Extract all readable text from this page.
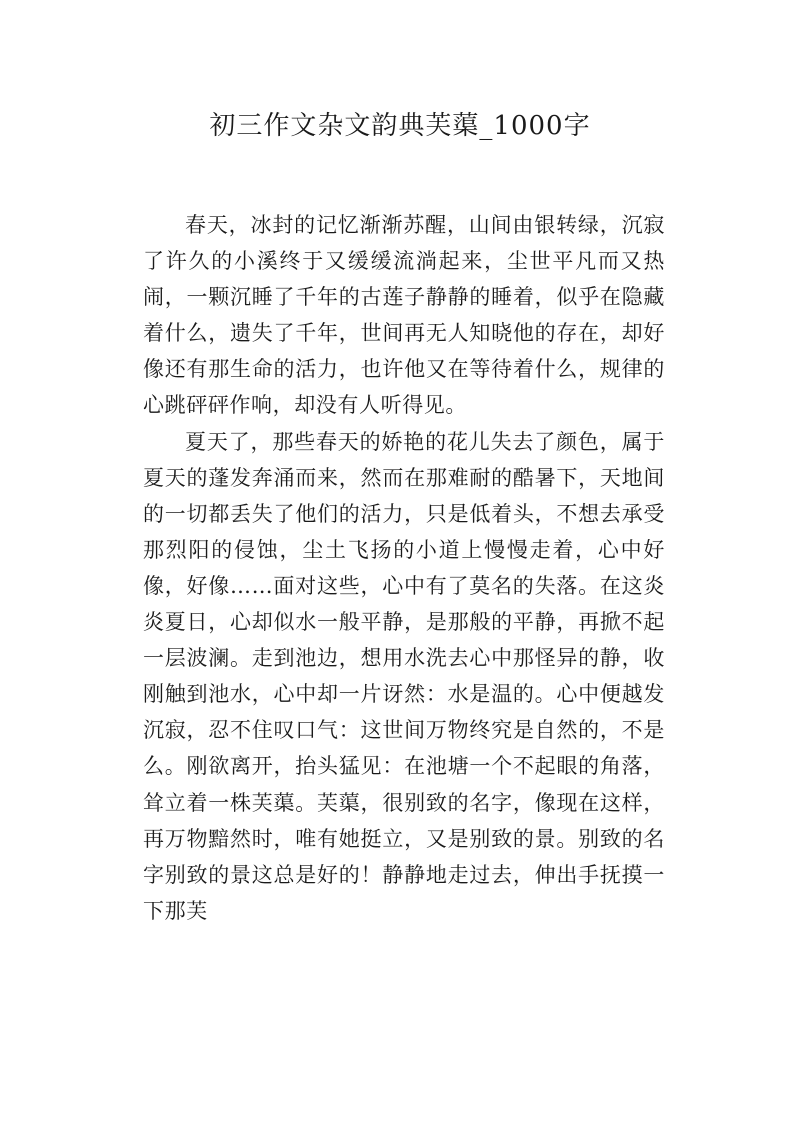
初三作文杂文韵典芙蕖_1000字

春天，冰封的记忆渐渐苏醒，山间由银转绿，沉寂了许久的小溪终于又缓缓流淌起来，尘世平凡而又热闹，一颗沉睡了千年的古莲子静静的睡着，似乎在隐藏着什么，遗失了千年，世间再无人知晓他的存在，却好像还有那生命的活力，也许他又在等待着什么，规律的心跳砰砰作响，却没有人听得见。

夏天了，那些春天的娇艳的花儿失去了颜色，属于夏天的蓬发奔涌而来，然而在那难耐的酷暑下，天地间的一切都丢失了他们的活力，只是低着头，不想去承受那烈阳的侵蚀，尘土飞扬的小道上慢慢走着，心中好像，好像……面对这些，心中有了莫名的失落。在这炎炎夏日，心却似水一般平静，是那般的平静，再掀不起一层波澜。走到池边，想用水洗去心中那怪异的静，收刚触到池水，心中却一片讶然：水是温的。心中便越发沉寂，忍不住叹口气：这世间万物终究是自然的，不是么。刚欲离开，抬头猛见：在池塘一个不起眼的角落，耸立着一株芙蕖。芙蕖，很别致的名字，像现在这样，再万物黯然时，唯有她挺立，又是别致的景。别致的名字别致的景这总是好的！静静地走过去，伸出手抚摸一下那芙
